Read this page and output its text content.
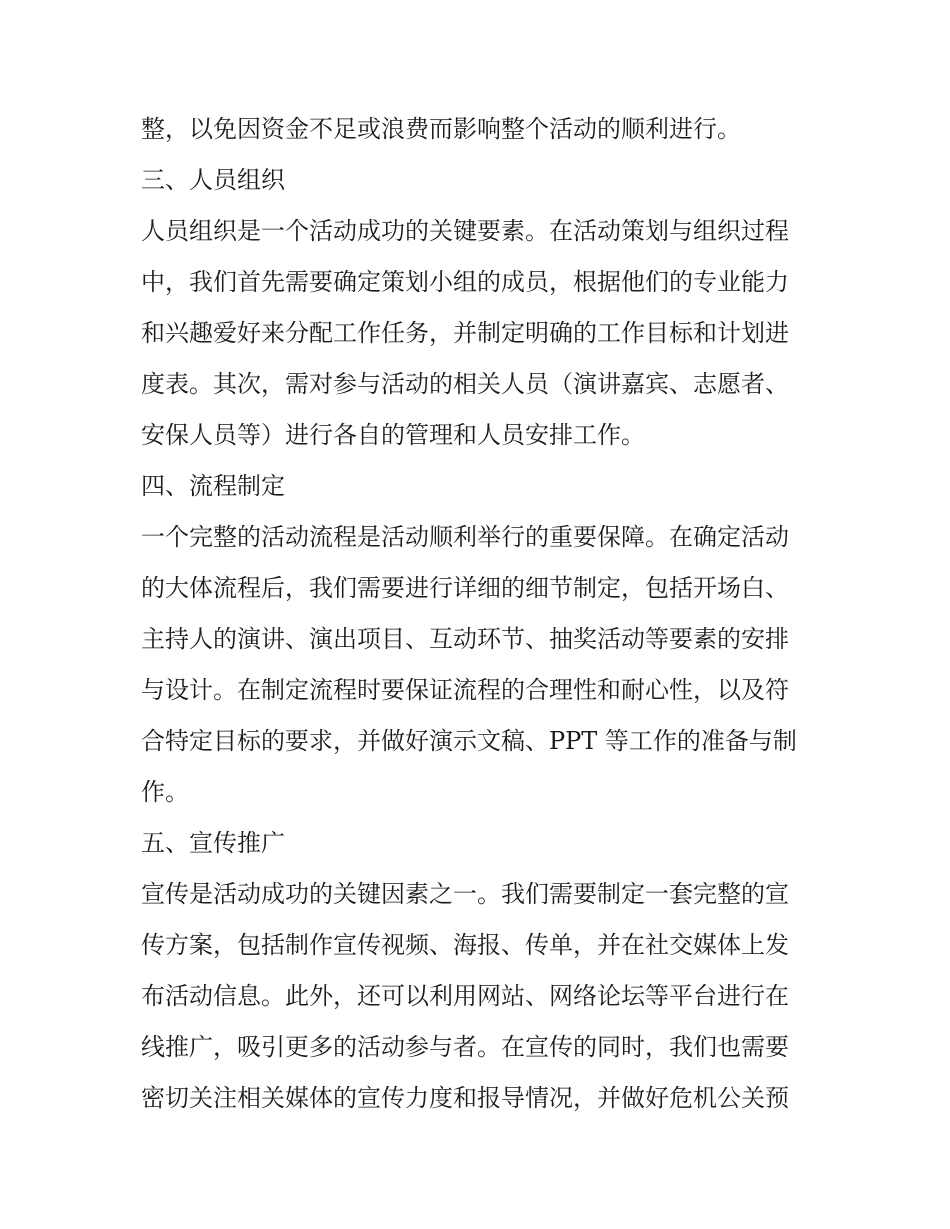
整，以免因资金不足或浪费而影响整个活动的顺利进行。
三、人员组织
人员组织是一个活动成功的关键要素。在活动策划与组织过程
中，我们首先需要确定策划小组的成员，根据他们的专业能力
和兴趣爱好来分配工作任务，并制定明确的工作目标和计划进
度表。其次，需对参与活动的相关人员（演讲嘉宾、志愿者、
安保人员等）进行各自的管理和人员安排工作。
四、流程制定
一个完整的活动流程是活动顺利举行的重要保障。在确定活动
的大体流程后，我们需要进行详细的细节制定，包括开场白、
主持人的演讲、演出项目、互动环节、抽奖活动等要素的安排
与设计。在制定流程时要保证流程的合理性和耐心性，以及符
合特定目标的要求，并做好演示文稿、PPT 等工作的准备与制
作。
五、宣传推广
宣传是活动成功的关键因素之一。我们需要制定一套完整的宣
传方案，包括制作宣传视频、海报、传单，并在社交媒体上发
布活动信息。此外，还可以利用网站、网络论坛等平台进行在
线推广，吸引更多的活动参与者。在宣传的同时，我们也需要
密切关注相关媒体的宣传力度和报导情况，并做好危机公关预
